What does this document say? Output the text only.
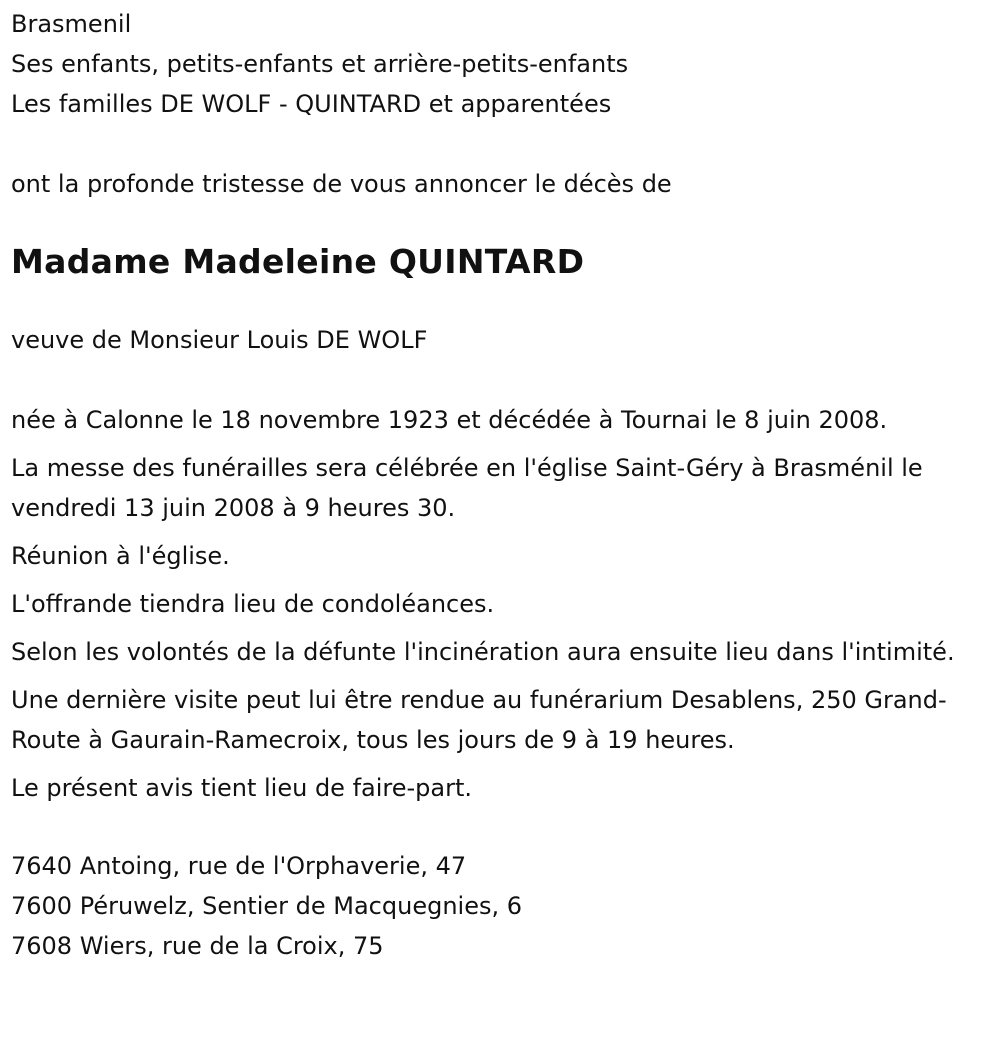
Brasmenil

Ses enfants, petits-enfants et arrière-petits-enfants

Les familles DE WOLF - QUINTARD et apparentées

ont la profonde tristesse de vous annoncer le décès de

Madame Madeleine QUINTARD

veuve de Monsieur Louis DE WOLF

née à Calonne le 18 novembre 1923 et décédée à Tournai le 8 juin 2008.

La messe des funérailles sera célébrée en l'église Saint-Géry à Brasménil le vendredi 13 juin 2008 à 9 heures 30.

Réunion à l'église.

L'offrande tiendra lieu de condoléances.

Selon les volontés de la défunte l'incinération aura ensuite lieu dans l'intimité.

Une dernière visite peut lui être rendue au funérarium Desablens, 250 Grand-Route à Gaurain-Ramecroix, tous les jours de 9 à 19 heures.

Le présent avis tient lieu de faire-part.

7640 Antoing, rue de l'Orphaverie, 47

7600 Péruwelz, Sentier de Macquegnies, 6

7608 Wiers, rue de la Croix, 75
